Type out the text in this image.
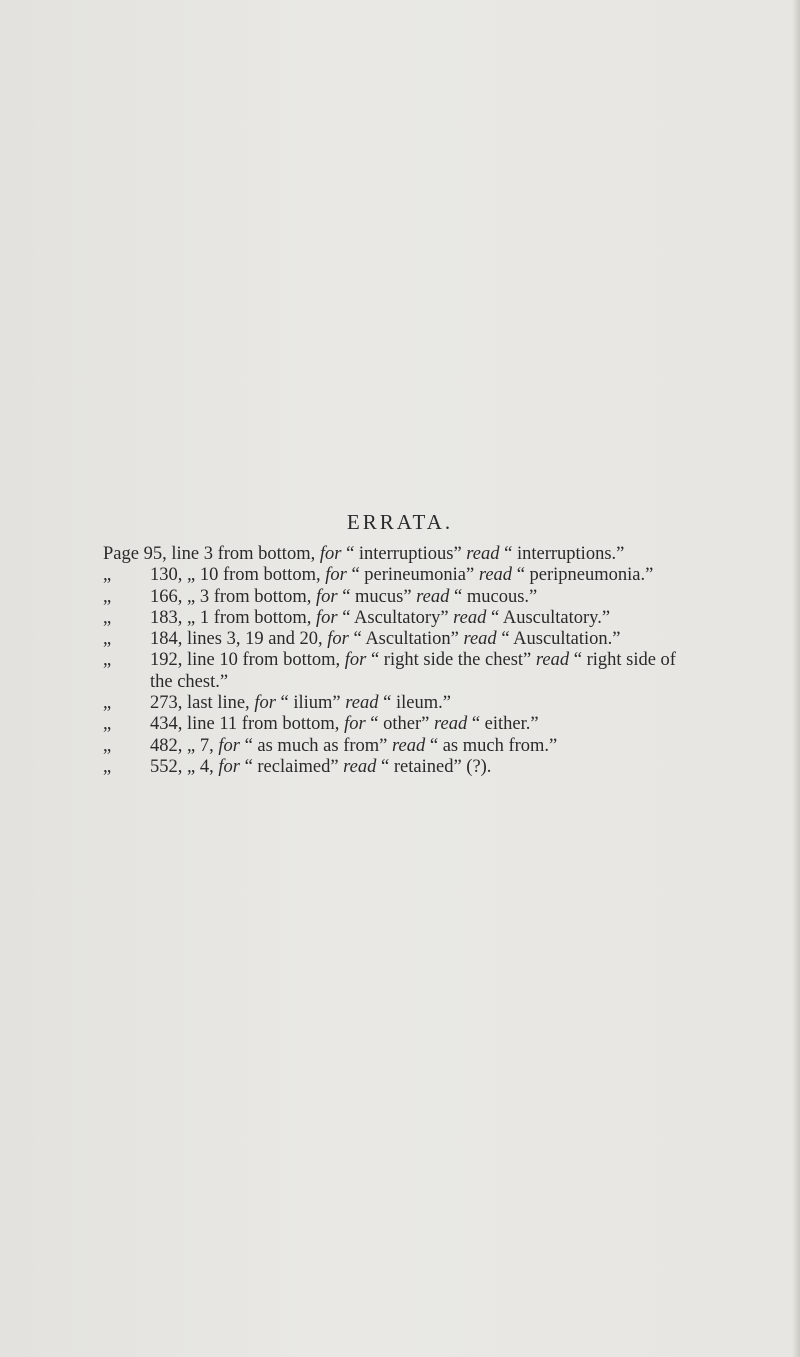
ERRATA.
Page 95, line 3 from bottom, for “ interruptious” read “ interruptions.”
„	130, „ 10 from bottom, for “ perineumonia” read “ peripneumonia.”
„	166, „ 3 from bottom, for “ mucus” read “ mucous.”
„	183, „ 1 from bottom, for “ Ascultatory” read “ Auscultatory.”
„	184, lines 3, 19 and 20, for “ Ascultation” read “ Auscultation.”
„	192, line 10 from bottom, for “ right side the chest” read “ right side of
the chest.”
„	273, last line, for “ ilium” read “ ileum.”
„	434, line 11 from bottom, for “ other” read “ either.”
„	482, „ 7, for “ as much as from” read “ as much from.”
„	552, „ 4, for “ reclaimed” read “ retained” (?).
